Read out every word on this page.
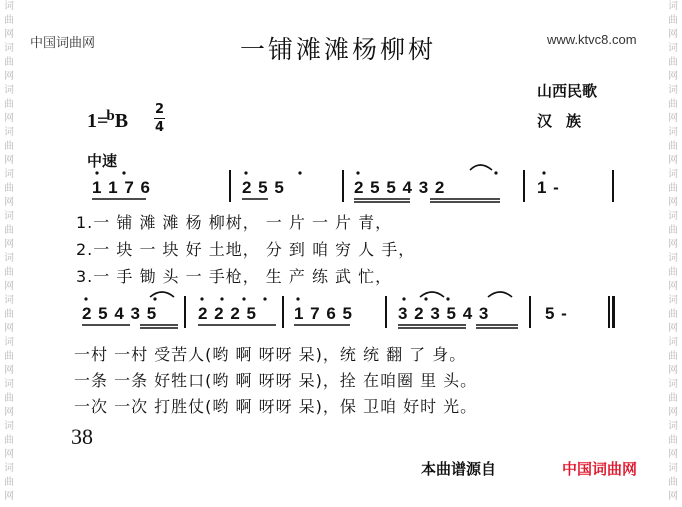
词
曲
网
词
曲
网
词
曲
网
词
曲
网
词
曲
网
词
曲
网
词
曲
网
词
曲
网
词
曲
网
词
曲
网
词
曲
网
词
曲
网
词
曲
网
词
曲
网
词
曲
网
词
曲
网
词
曲
网
词
曲
网
词
曲
网
词
曲
网
词
曲
网
词
曲
网
词
曲
网
词
曲
网
中国词曲网	www.ktvc8.com
一铺滩滩杨柳树
山西民歌
汉族
1=$^b$B
2
4
中速
1 1 7 6	2 5 5	2 5 5 4 3 2	1 -
1.一 铺 滩 滩 杨 柳树， 一 片 一 片 青，
2.一 块 一 块 好 土地， 分 到 咱 穷 人 手，
3.一 手 锄 头 一 手枪， 生 产 练 武 忙，
2 5 4 3 5 2 2 2 5 1 7 6 5	3 2 3 5 4 3	5 -
一村 一村 受苦人(哟 啊 呀呀 呆)，统 统 翻 了 身。
一条 一条 好牲口(哟 啊 呀呀 呆)，拴 在咱圈 里 头。
一次 一次 打胜仗(哟 啊 呀呀 呆)，保 卫咱 好时 光。
38
本曲谱源自	中国词曲网
